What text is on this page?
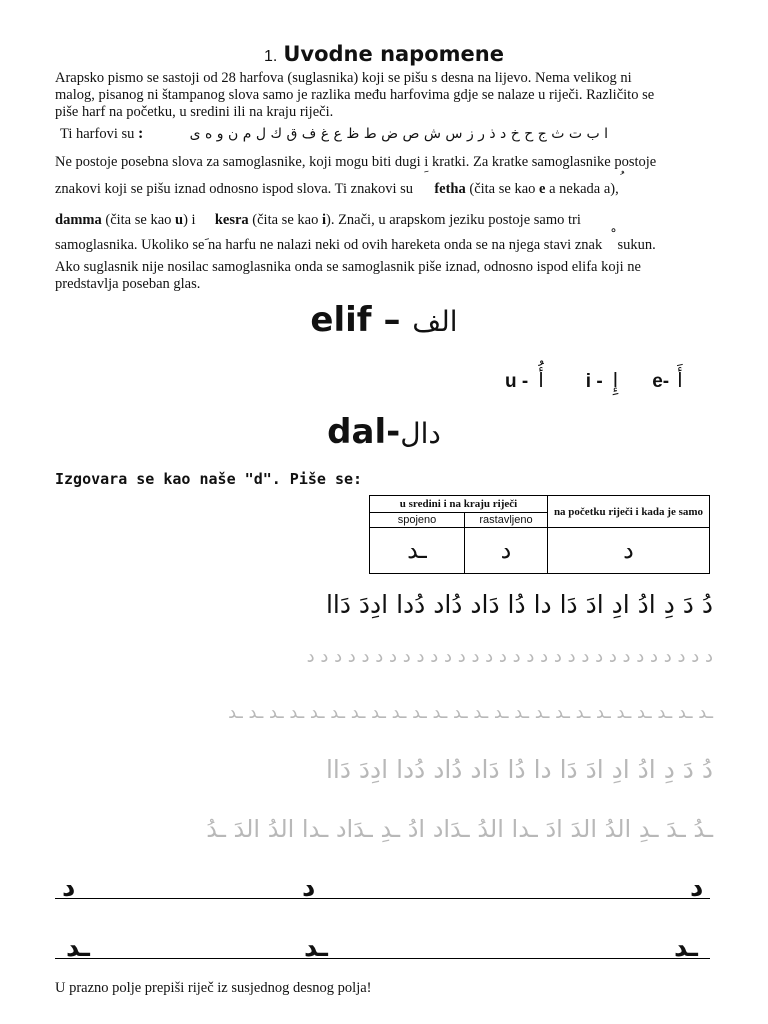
1. Uvodne napomene
Arapsko pismo se sastoji od 28 harfova (suglasnika) koji se pišu s desna na lijevo. Nema velikog ni
malog, pisanog ni štampanog slova samo je razlika među harfovima gdje se nalaze u riječi. Različito se
piše harf na početku, u sredini ili na kraju riječi.
Ti harfovi su :	ا ب ت ث ج ح خ د ذ ر ز س ش ص ض ط ظ ع غ ف ق ك ل م ن و ه ى
Ne postoje posebna slova za samoglasnike, koji mogu biti dugi i kratki. Za kratke samoglasnike postoje
znakovi koji se pišu iznad odnosno ispod slova. Ti znakovi su fetha (čita se kao e a nekada a),
damma (čita se kao u) i kesra (čita se kao i). Znači, u arapskom jeziku postoje samo tri
samoglasnika. Ukoliko se na harfu ne nalazi neki od ovih hareketa onda se na njega stavi znak sukun.
Ako suglasnik nije nosilac samoglasnika onda se samoglasnik piše iznad, odnosno ispod elifa koji ne
predstavlja poseban glas.
elif – الف
u - أُ i - إِ e- أَ
dal-دال
Izgovara se kao naše "d". Piše se:
u sredini i na kraju riječi		na početku riječi i kada je samo
spojeno	rastavljeno	
ـد	د	د
دُ دَ دِ ادُ ادِ ادَ دَا دا دُا دَاد دُاد دُدا ادِدَ دَاا
د د د د د د د د د د د د د د د د د د د د د د د د د د د د د د
ـد ـد ـد ـد ـد ـد ـد ـد ـد ـد ـد ـد ـد ـد ـد ـد ـد ـد ـد ـد ـد ـد ـد ـد
دُ دَ دِ ادُ ادِ ادَ دَا دا دُا دَاد دُاد دُدا ادِدَ دَاا
ـدُ ـدَ ـدِ الدُ الدَ ادَ ـدا الدُ ـدَاد ادُ ـدِ ـدَاد ـدا الدُ الدَ ـدُ
د	د	د
ـد	ـد	ـد
U prazno polje prepiši riječ iz susjednog desnog polja!
